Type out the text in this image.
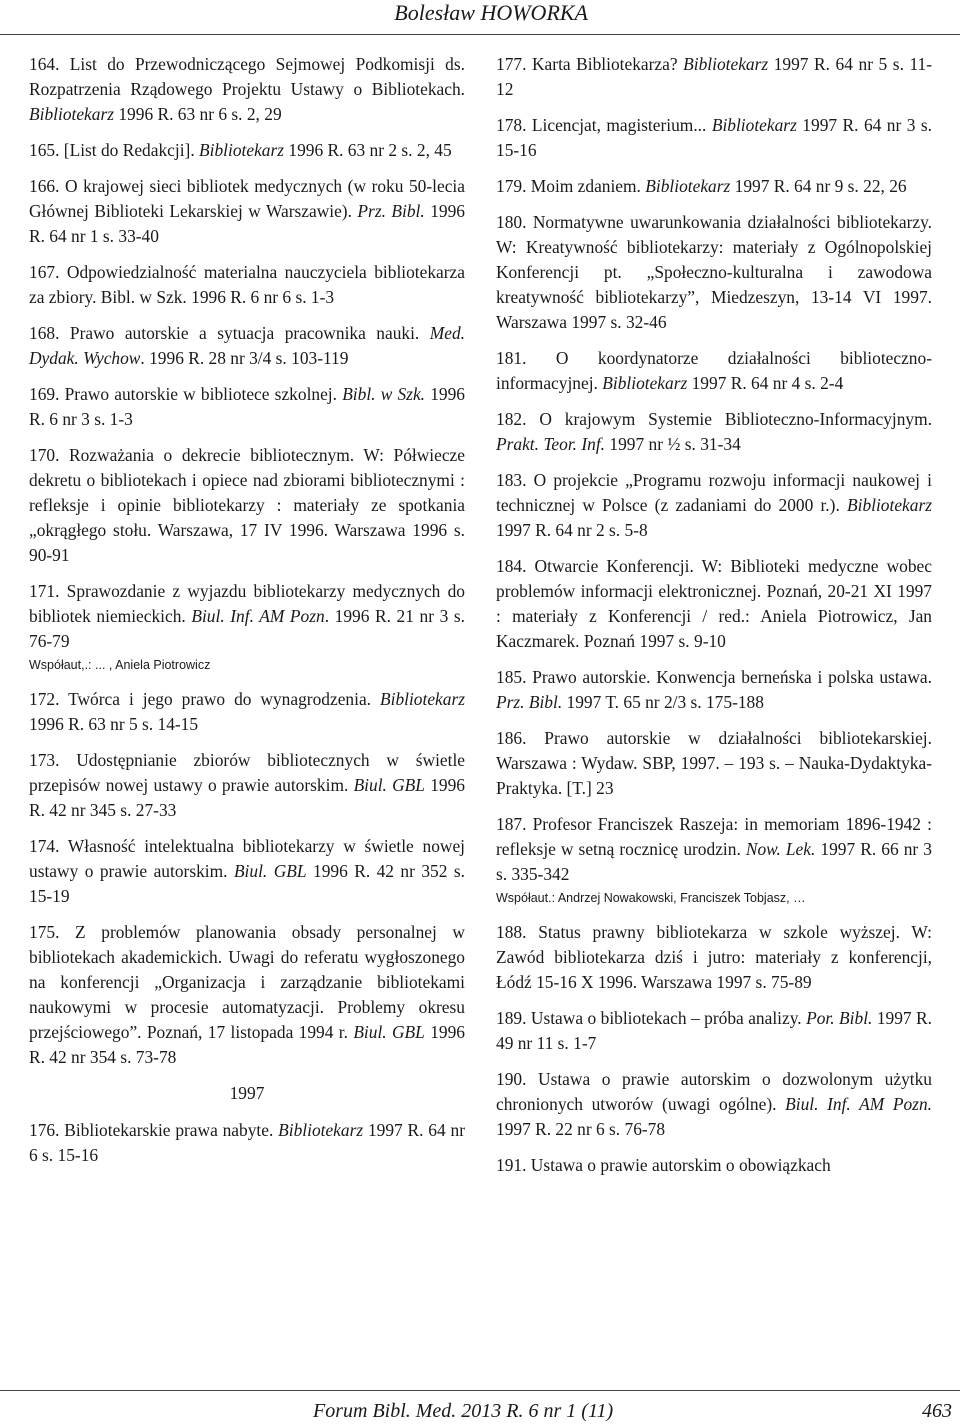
Bolesław HOWORKA
164. List do Przewodniczącego Sejmowej Podkomisji ds. Rozpatrzenia Rządowego Projektu Ustawy o Bibliotekach. Bibliotekarz 1996 R. 63 nr 6 s. 2, 29
165. [List do Redakcji]. Bibliotekarz 1996 R. 63 nr 2 s. 2, 45
166. O krajowej sieci bibliotek medycznych (w roku 50-lecia Głównej Biblioteki Lekarskiej w Warszawie). Prz. Bibl. 1996 R. 64 nr 1 s. 33-40
167. Odpowiedzialność materialna nauczyciela bibliotekarza za zbiory. Bibl. w Szk. 1996 R. 6 nr 6 s. 1-3
168. Prawo autorskie a sytuacja pracownika nauki. Med. Dydak. Wychow. 1996 R. 28 nr 3/4 s. 103-119
169. Prawo autorskie w bibliotece szkolnej. Bibl. w Szk. 1996 R. 6 nr 3 s. 1-3
170. Rozważania o dekrecie bibliotecznym. W: Półwiecze dekretu o bibliotekach i opiece nad zbiorami bibliotecznymi : refleksje i opinie bibliotekarzy : materiały ze spotkania „okrągłego stołu. Warszawa, 17 IV 1996. Warszawa 1996 s. 90-91
171. Sprawozdanie z wyjazdu bibliotekarzy medycznych do bibliotek niemieckich. Biul. Inf. AM Pozn. 1996 R. 21 nr 3 s. 76-79
Współaut,.: ... , Aniela Piotrowicz
172. Twórca i jego prawo do wynagrodzenia. Bibliotekarz 1996 R. 63 nr 5 s. 14-15
173. Udostępnianie zbiorów bibliotecznych w świetle przepisów nowej ustawy o prawie autorskim. Biul. GBL 1996 R. 42 nr 345 s. 27-33
174. Własność intelektualna bibliotekarzy w świetle nowej ustawy o prawie autorskim. Biul. GBL 1996 R. 42 nr 352 s. 15-19
175. Z problemów planowania obsady personalnej w bibliotekach akademickich. Uwagi do referatu wygłoszonego na konferencji „Organizacja i zarządzanie bibliotekami naukowymi w procesie automatyzacji. Problemy okresu przejściowego”. Poznań, 17 listopada 1994 r. Biul. GBL 1996 R. 42 nr 354 s. 73-78
1997
176. Bibliotekarskie prawa nabyte. Bibliotekarz 1997 R. 64 nr 6 s. 15-16
177. Karta Bibliotekarza? Bibliotekarz 1997 R. 64 nr 5 s. 11-12
178. Licencjat, magisterium... Bibliotekarz 1997 R. 64 nr 3 s. 15-16
179. Moim zdaniem. Bibliotekarz 1997 R. 64 nr 9 s. 22, 26
180. Normatywne uwarunkowania działalności bibliotekarzy. W: Kreatywność bibliotekarzy: materiały z Ogólnopolskiej Konferencji pt. „Społeczno-kulturalna i zawodowa kreatywność bibliotekarzy”, Miedzeszyn, 13-14 VI 1997. Warszawa 1997 s. 32-46
181. O koordynatorze działalności biblioteczno-informacyjnej. Bibliotekarz 1997 R. 64 nr 4 s. 2-4
182. O krajowym Systemie Biblioteczno-Informacyjnym. Prakt. Teor. Inf. 1997 nr ½ s. 31-34
183. O projekcie „Programu rozwoju informacji naukowej i technicznej w Polsce (z zadaniami do 2000 r.). Bibliotekarz 1997 R. 64 nr 2 s. 5-8
184. Otwarcie Konferencji. W: Biblioteki medyczne wobec problemów informacji elektronicznej. Poznań, 20-21 XI 1997 : materiały z Konferencji / red.: Aniela Piotrowicz, Jan Kaczmarek. Poznań 1997 s. 9-10
185. Prawo autorskie. Konwencja berneńska i polska ustawa. Prz. Bibl. 1997 T. 65 nr 2/3 s. 175-188
186. Prawo autorskie w działalności bibliotekarskiej. Warszawa : Wydaw. SBP, 1997. – 193 s. – Nauka-Dydaktyka-Praktyka. [T.] 23
187. Profesor Franciszek Raszeja: in memoriam 1896-1942 : refleksje w setną rocznicę urodzin. Now. Lek. 1997 R. 66 nr 3 s. 335-342
Współaut.: Andrzej Nowakowski, Franciszek Tobjasz, …
188. Status prawny bibliotekarza w szkole wyższej. W: Zawód bibliotekarza dziś i jutro: materiały z konferencji, Łódź 15-16 X 1996. Warszawa 1997 s. 75-89
189. Ustawa o bibliotekach – próba analizy. Por. Bibl. 1997 R. 49 nr 11 s. 1-7
190. Ustawa o prawie autorskim o dozwolonym użytku chronionych utworów (uwagi ogólne). Biul. Inf. AM Pozn. 1997 R. 22 nr 6 s. 76-78
191. Ustawa o prawie autorskim o obowiązkach
Forum Bibl. Med. 2013 R. 6 nr 1 (11)	463
